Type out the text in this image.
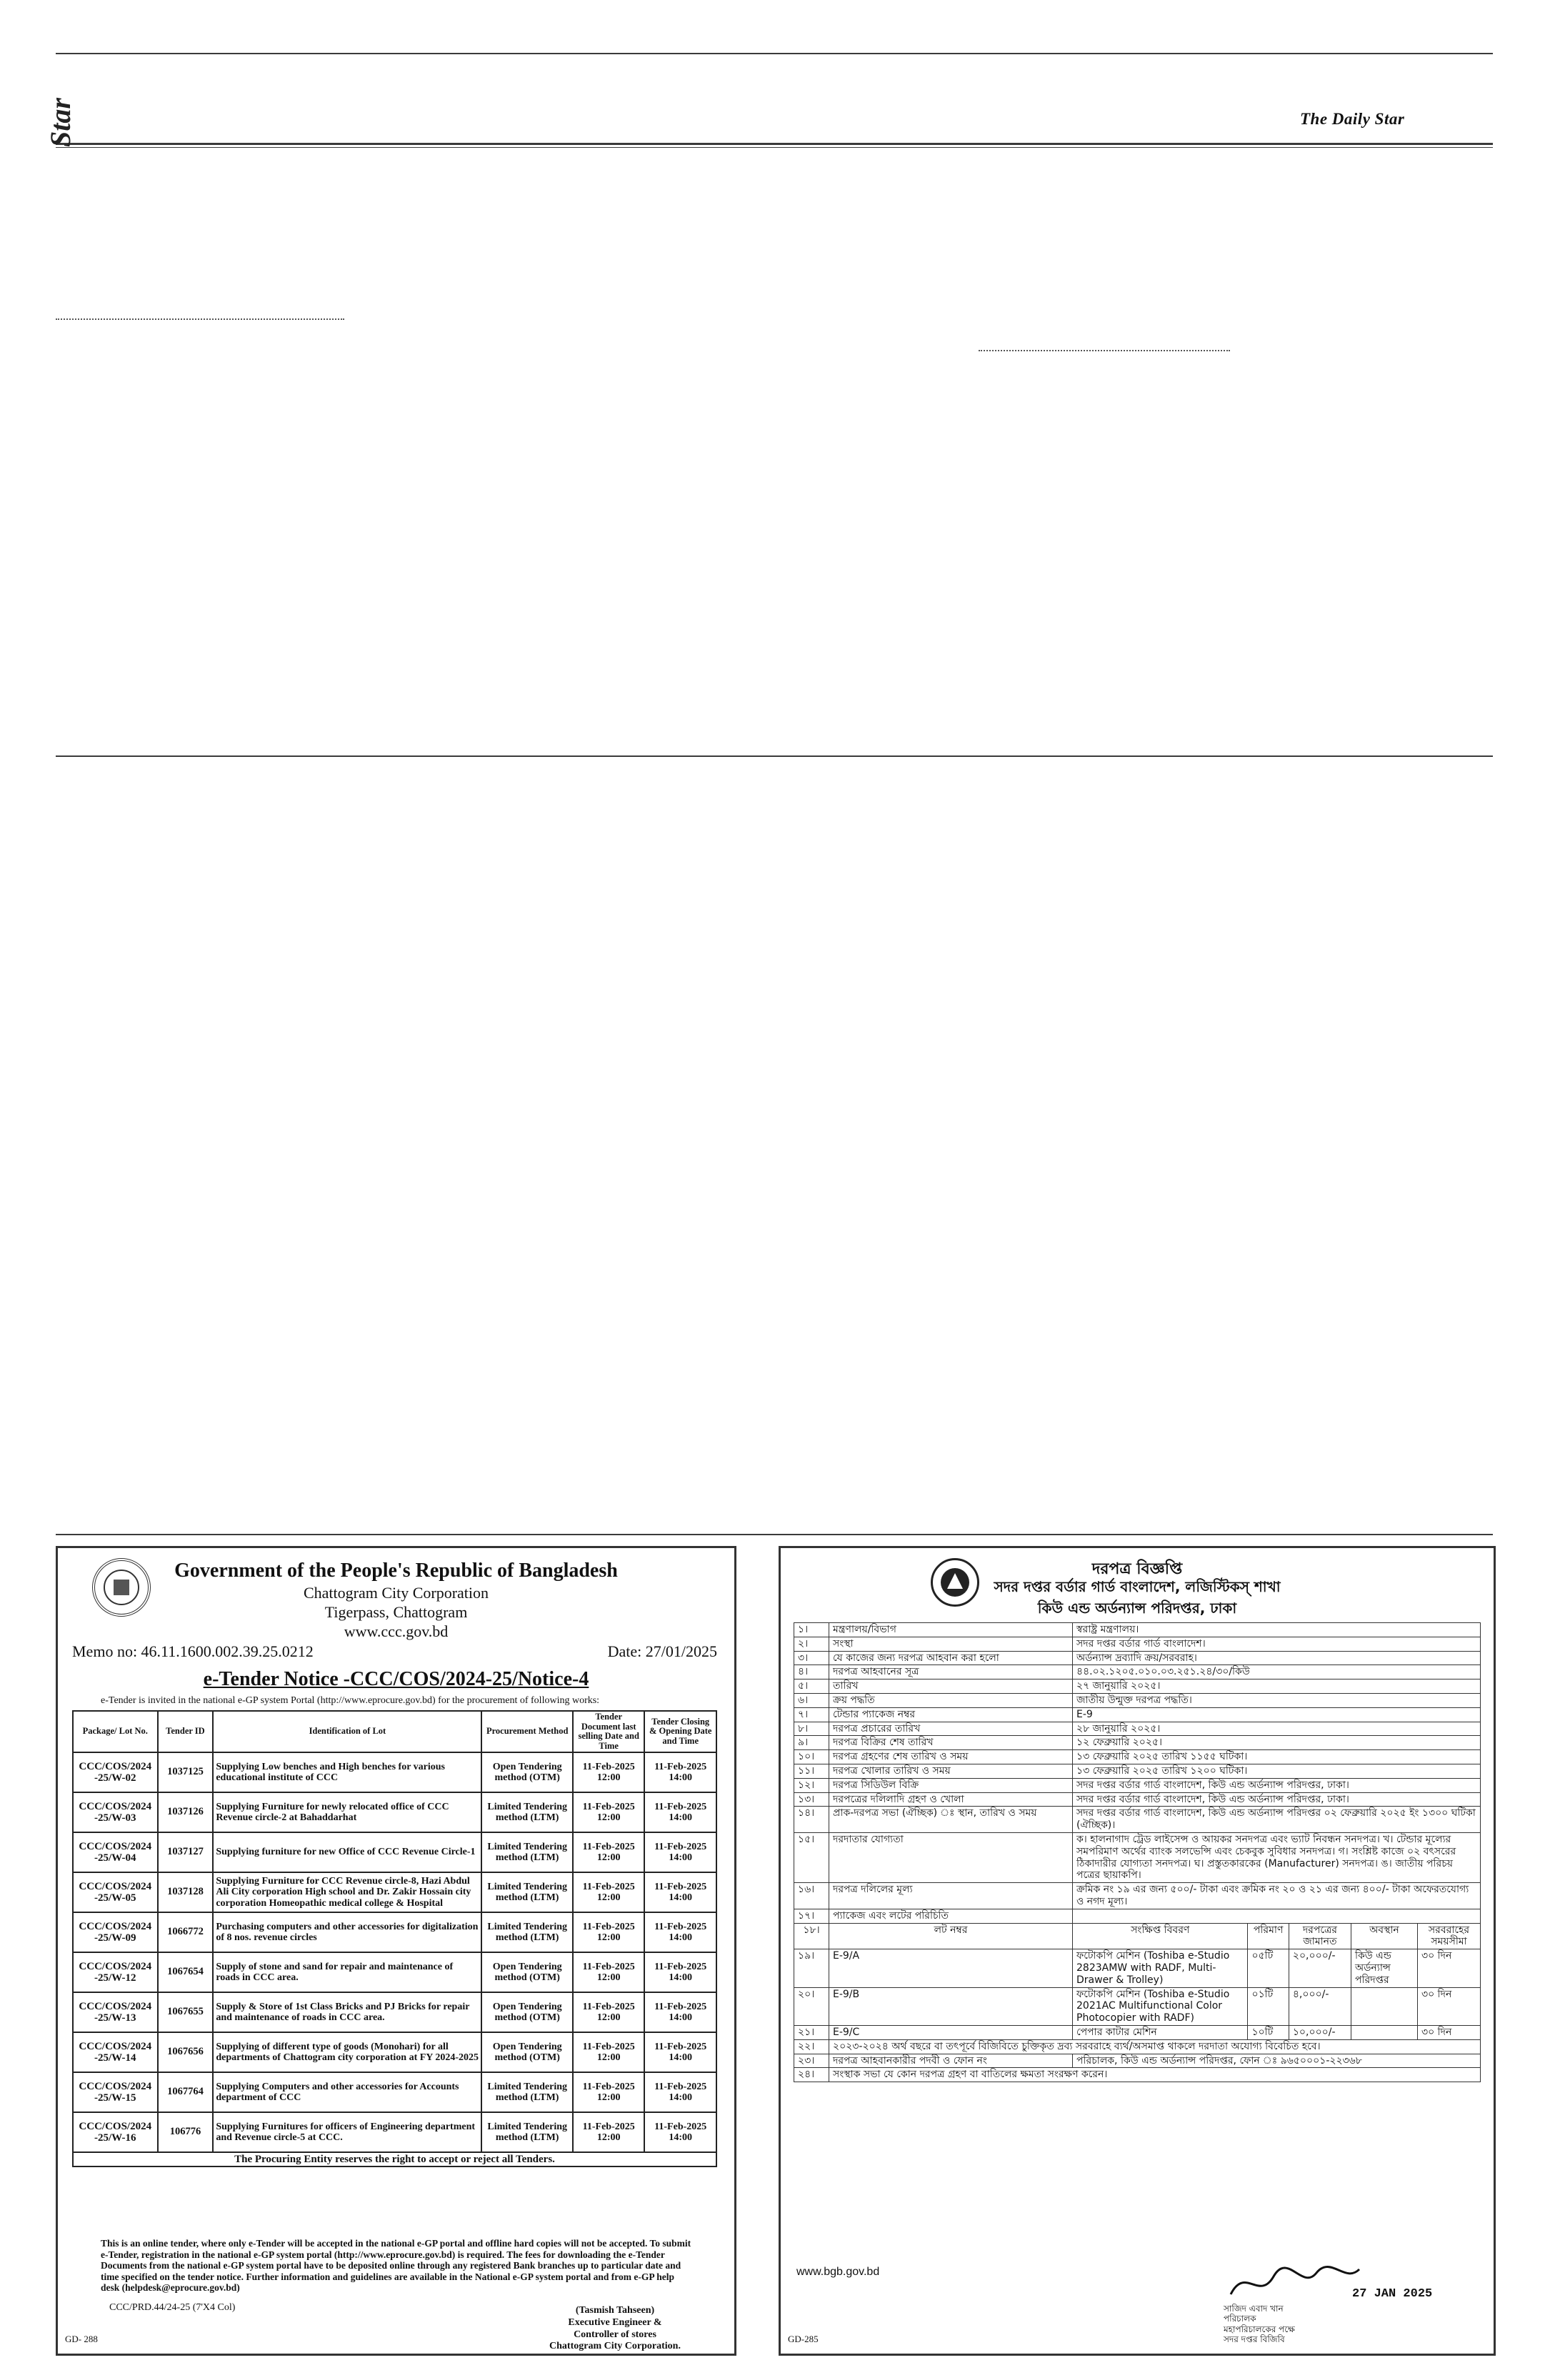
Star	The Daily Star
Government of the People's Republic of Bangladesh
Chattogram City Corporation
Tigerpass, Chattogram
www.ccc.gov.bd
Memo no: 46.11.1600.002.39.25.0212	Date: 27/01/2025
e-Tender Notice -CCC/COS/2024-25/Notice-4
e-Tender is invited in the national e-GP system Portal (http://www.eprocure.gov.bd) for the procurement of following works:
Package/ Lot No.	Tender ID	Identification of Lot	Procurement Method	Tender Document last selling Date and Time	Tender Closing & Opening Date and Time
CCC/COS/2024 -25/W-02	1037125	Supplying Low benches and High benches for various educational institute of CCC	Open Tendering method (OTM)	11-Feb-2025 12:00	11-Feb-2025 14:00
CCC/COS/2024 -25/W-03	1037126	Supplying Furniture for newly relocated office of CCC Revenue circle-2 at Bahaddarhat	Limited Tendering method (LTM)	11-Feb-2025 12:00	11-Feb-2025 14:00
CCC/COS/2024 -25/W-04	1037127	Supplying furniture for new Office of CCC Revenue Circle-1	Limited Tendering method (LTM)	11-Feb-2025 12:00	11-Feb-2025 14:00
CCC/COS/2024 -25/W-05	1037128	Supplying Furniture for CCC Revenue circle-8, Hazi Abdul Ali City corporation High school and Dr. Zakir Hossain city corporation Homeopathic medical college & Hospital	Limited Tendering method (LTM)	11-Feb-2025 12:00	11-Feb-2025 14:00
CCC/COS/2024 -25/W-09	1066772	Purchasing computers and other accessories for digitalization of 8 nos. revenue circles	Limited Tendering method (LTM)	11-Feb-2025 12:00	11-Feb-2025 14:00
CCC/COS/2024 -25/W-12	1067654	Supply of stone and sand for repair and maintenance of roads in CCC area.	Open Tendering method (OTM)	11-Feb-2025 12:00	11-Feb-2025 14:00
CCC/COS/2024 -25/W-13	1067655	Supply & Store of 1st Class Bricks and PJ Bricks for repair and maintenance of roads in CCC area.	Open Tendering method (OTM)	11-Feb-2025 12:00	11-Feb-2025 14:00
CCC/COS/2024 -25/W-14	1067656	Supplying of different type of goods (Monohari) for all departments of Chattogram city corporation at FY 2024-2025	Open Tendering method (OTM)	11-Feb-2025 12:00	11-Feb-2025 14:00
CCC/COS/2024 -25/W-15	1067764	Supplying Computers and other accessories for Accounts department of CCC	Limited Tendering method (LTM)	11-Feb-2025 12:00	11-Feb-2025 14:00
CCC/COS/2024 -25/W-16	106776	Supplying Furnitures for officers of Engineering department and Revenue circle-5 at CCC.	Limited Tendering method (LTM)	11-Feb-2025 12:00	11-Feb-2025 14:00
The Procuring Entity reserves the right to accept or reject all Tenders.					
This is an online tender, where only e-Tender will be accepted in the national e-GP portal and offline hard copies will not be accepted. To submit e-Tender, registration in the national e-GP system portal (http://www.eprocure.gov.bd) is required. The fees for downloading the e-Tender Documents from the national e-GP system portal have to be deposited online through any registered Bank branches up to particular date and time specified on the tender notice. Further information and guidelines are available in the National e-GP system portal and from e-GP help desk (helpdesk@eprocure.gov.bd)
CCC/PRD.44/24-25 (7'X4 Col)	(Tasmish Tahseen)
Executive Engineer &
Controller of stores
Chattogram City Corporation.
GD- 288
দরপত্র বিজ্ঞপ্তি
সদর দপ্তর বর্ডার গার্ড বাংলাদেশ, লজিস্টিকস্‌ শাখা
কিউ এন্ড অর্ডন্যান্স পরিদপ্তর, ঢাকা
১।	মন্ত্রণালয়/বিভাগ	স্বরাষ্ট্র মন্ত্রণালয়।				
২।	সংস্থা	সদর দপ্তর বর্ডার গার্ড বাংলাদেশ।				
৩।	যে কাজের জন্য দরপত্র আহবান করা হলো	অর্ডন্যান্স দ্রব্যাদি ক্রয়/সরবরাহ।				
৪।	দরপত্র আহবানের সূত্র	৪৪.০২.১২০৫.০১০.০৩.২৫১.২৪/৩০/কিউ				
৫।	তারিখ	২৭ জানুয়ারি ২০২৫।				
৬।	ক্রয় পদ্ধতি	জাতীয় উন্মুক্ত দরপত্র পদ্ধতি।				
৭।	টেন্ডার প্যাকেজ নম্বর	E-9				
৮।	দরপত্র প্রচারের তারিখ	২৮ জানুয়ারি ২০২৫।				
৯।	দরপত্র বিক্রির শেষ তারিখ	১২ ফেব্রুয়ারি ২০২৫।				
১০।	দরপত্র গ্রহণের শেষ তারিখ ও সময়	১৩ ফেব্রুয়ারি ২০২৫ তারিখ ১১৫৫ ঘটিকা।				
১১।	দরপত্র খোলার তারিখ ও সময়	১৩ ফেব্রুয়ারি ২০২৫ তারিখ ১২০০ ঘটিকা।				
১২।	দরপত্র সিডিউল বিক্রি	সদর দপ্তর বর্ডার গার্ড বাংলাদেশ, কিউ এন্ড অর্ডন্যান্স পরিদপ্তর, ঢাকা।				
১৩।	দরপত্রের দলিলাদি গ্রহণ ও খোলা	সদর দপ্তর বর্ডার গার্ড বাংলাদেশ, কিউ এন্ড অর্ডন্যান্স পরিদপ্তর, ঢাকা।				
১৪।	প্রাক-দরপত্র সভা (ঐচ্ছিক) ঃ স্থান, তারিখ ও সময়	সদর দপ্তর বর্ডার গার্ড বাংলাদেশ, কিউ এন্ড অর্ডন্যান্স পরিদপ্তর ০২ ফেব্রুয়ারি ২০২৫ ইং ১৩০০ ঘটিকা (ঐচ্ছিক)।				
১৫।	দরদাতার যোগ্যতা	ক। হালনাগাদ ট্রেড লাইসেন্স ও আয়কর সনদপত্র এবং ভ্যাট নিবন্ধন সনদপত্র। খ। টেন্ডার মূল্যের সমপরিমাণ অর্থের ব্যাংক সলভেন্সি এবং চেকবুক সুবিধার সনদপত্র। গ। সংশ্লিষ্ট কাজে ০২ বৎসরের ঠিকাদারীর যোগ্যতা সনদপত্র। ঘ। প্রস্তুতকারকের (Manufacturer) সনদপত্র। ঙ। জাতীয় পরিচয় পত্রের ছায়াকপি।				
১৬।	দরপত্র দলিলের মূল্য	ক্রমিক নং ১৯ এর জন্য ৫০০/- টাকা এবং ক্রমিক নং ২০ ও ২১ এর জন্য ৪০০/- টাকা অফেরতযোগ্য ও নগদ মূল্য।				
১৭।	প্যাকেজ এবং লটের পরিচিতি					
১৮।	লট নম্বর	সংক্ষিপ্ত বিবরণ	পরিমাণ	দরপত্রের জামানত	অবস্থান	সরবরাহের সময়সীমা
১৯।	E-9/A	ফটোকপি মেশিন (Toshiba e-Studio 2823AMW with RADF, Multi-Drawer & Trolley)	০৫টি	২০,০০০/-	কিউ এন্ড অর্ডন্যান্স পরিদপ্তর	৩০ দিন
২০।	E-9/B	ফটোকপি মেশিন (Toshiba e-Studio 2021AC Multifunctional Color Photocopier with RADF)	০১টি	৪,০০০/-		৩০ দিন
২১।	E-9/C	পেপার কাটার মেশিন	১০টি	১০,০০০/-		৩০ দিন
২২।	২০২৩-২০২৪ অর্থ বছরে বা তৎপূর্বে বিজিবিতে চুক্তিকৃত দ্রব্য সরবরাহে ব্যর্থ/অসমাপ্ত থাকলে দরদাতা অযোগ্য বিবেচিত হবে।					
২৩।	দরপত্র আহবানকারীর পদবী ও ফোন নং	পরিচালক, কিউ এন্ড অর্ডন্যান্স পরিদপ্তর, ফোন ঃ ৯৬৫০০০১-২২৩৬৮				
২৪।	সংস্থাক সভা যে কোন দরপত্র গ্রহণ বা বাতিলের ক্ষমতা সংরক্ষণ করেন।					
www.bgb.gov.bd
27 JAN 2025
সাজিদ এবাদ খান
পরিচালক
মহাপরিচালকের পক্ষে
সদর দপ্তর বিজিবি
GD-285
